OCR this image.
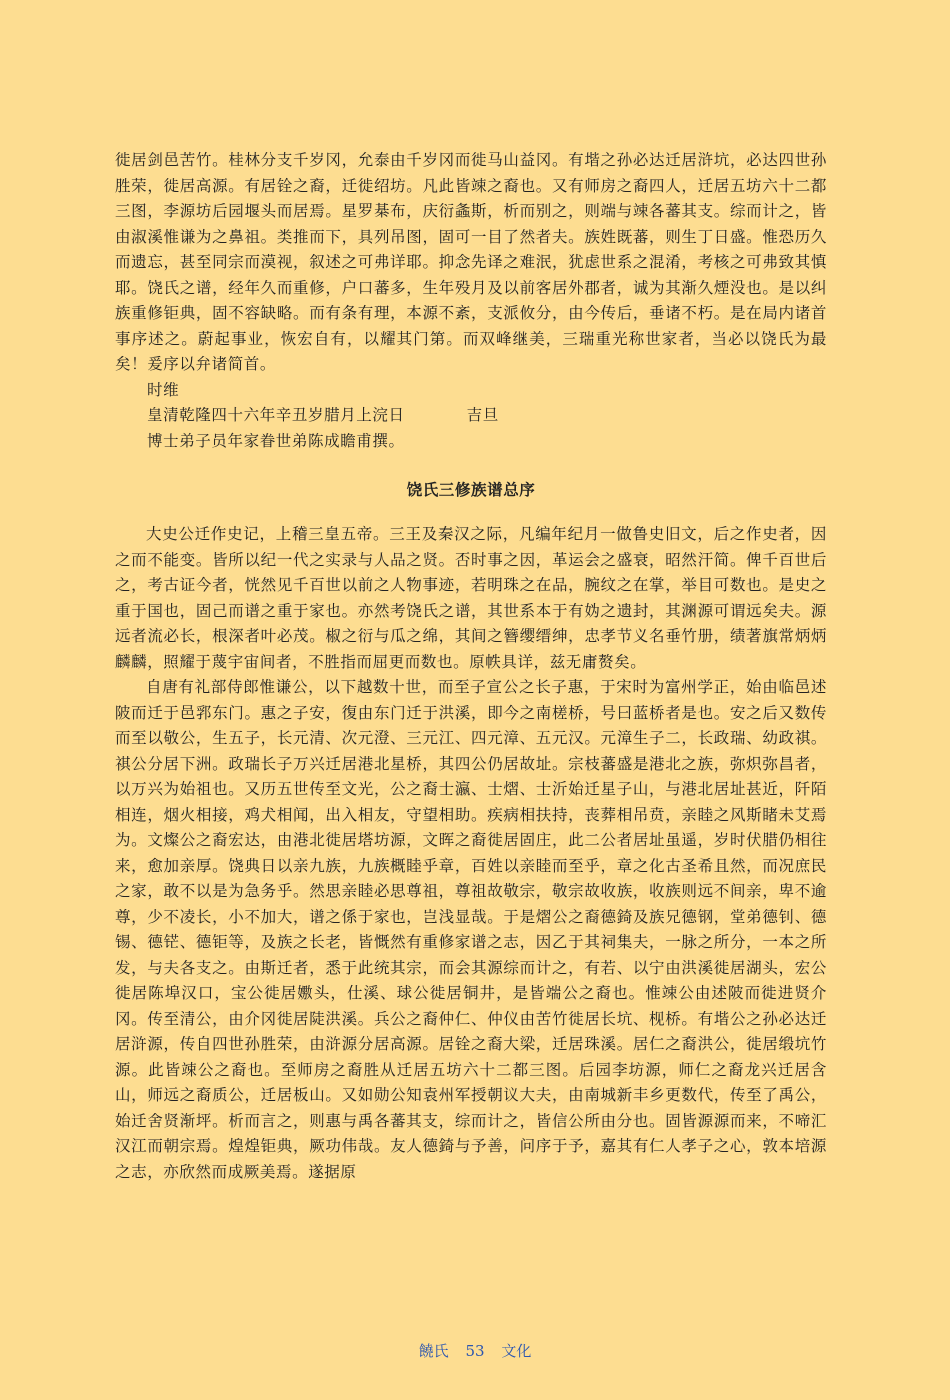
徙居剑邑苦竹。桂林分支千岁冈，允泰由千岁冈而徙马山益冈。有堦之孙必达迁居浒坑，必达四世孙胜荣，徙居高源。有居铨之裔，迁徙绍坊。凡此皆竦之裔也。又有师房之裔四人，迁居五坊六十二都三图，李源坊后园堰头而居焉。星罗棊布，庆衍螽斯，析而别之，则端与竦各蕃其支。综而计之，皆由淑溪惟谦为之鼻祖。类推而下，具列吊图，固可一目了然者夫。族姓既蕃，则生丁日盛。惟恐历久而遗忘，甚至同宗而漠视，叙述之可弗详耶。抑念先译之难泯，犹虑世系之混淆，考核之可弗致其慎耶。饶氏之谱，经年久而重修，户口蕃多，生年殁月及以前客居外郡者，诚为其渐久煙没也。是以纠族重修钜典，固不容缺略。而有条有理，本源不紊，支派攸分，由今传后，垂诸不朽。是在局内诸首事序述之。蔚起事业，恢宏自有，以耀其门第。而双峰继美，三瑞重光称世家者，当必以饶氏为最矣！爰序以弁诸简首。

时维
皇清乾隆四十六年辛丑岁腊月上浣日	吉旦
博士弟子员年家眷世弟陈成瞻甫撰。
饶氏三修族谱总序

大史公迁作史记，上稽三皇五帝。三王及秦汉之际，凡编年纪月一做鲁史旧文，后之作史者，因之而不能变。皆所以纪一代之实录与人品之贤。否时事之因，革运会之盛衰，昭然汗简。俾千百世后之，考古证今者，恍然见千百世以前之人物事迹，若明珠之在品，腕纹之在掌，举目可数也。是史之重于国也，固己而谱之重于家也。亦然考饶氏之谱，其世系本于有妫之遗封，其渊源可谓远矣夫。源远者流必长，根深者叶必茂。椒之衍与瓜之绵，其间之簪缨缙绅，忠孝节义名垂竹册，绩著旗常炳炳麟麟，照耀于蔑宇宙间者，不胜指而屈更而数也。原帙具详，兹无庸赘矣。

自唐有礼部侍郎惟谦公，以下越数十世，而至子宣公之长子惠，于宋时为富州学正，始由临邑述陂而迁于邑郛东门。惠之子安，復由东门迁于洪溪，即今之南槎桥，号曰蓝桥者是也。安之后又数传而至以敬公，生五子，长元清、次元澄、三元江、四元漳、五元汉。元漳生子二，长政瑞、幼政祺。祺公分居下洲。政瑞长子万兴迁居港北星桥，其四公仍居故址。宗枝蕃盛是港北之族，弥炽弥昌者，以万兴为始祖也。又历五世传至文光，公之裔士瀛、士熠、士沂始迁星子山，与港北居址甚近，阡陌相连，烟火相接，鸡犬相闻，出入相友，守望相助。疾病相扶持，丧葬相吊贲，亲睦之风斯睹未艾焉为。文燦公之裔宏达，由港北徙居塔坊源，文晖之裔徙居固庄，此二公者居址虽遥，岁时伏腊仍相往来，愈加亲厚。饶典日以亲九族，九族概睦乎章，百姓以亲睦而至乎，章之化古圣希且然，而况庶民之家，敢不以是为急务乎。然思亲睦必思尊祖，尊祖故敬宗，敬宗故收族，收族则远不间亲，卑不逾尊，少不凌长，小不加大，谱之係于家也，岂浅显哉。于是熠公之裔德錡及族兄德钢，堂弟德钊、德锡、德铓、德钜等，及族之长老，皆慨然有重修家谱之志，因乙于其祠集夫，一脉之所分，一本之所发，与夫各支之。由斯迁者，悉于此统其宗，而会其源综而计之，有若、以宁由洪溪徙居湖头，宏公徙居陈埠汉口，宝公徙居嫐头，仕溪、球公徙居铜井，是皆端公之裔也。惟竦公由述陂而徙进贤介冈。传至清公，由介冈徙居陡洪溪。兵公之裔仲仁、仲仪由苦竹徙居长坑、枧桥。有堦公之孙必达迁居浒源，传自四世孙胜荣，由浒源分居高源。居铨之裔大梁，迁居珠溪。居仁之裔洪公，徙居缎坑竹源。此皆竦公之裔也。至师房之裔胜从迁居五坊六十二都三图。后园李坊源，师仁之裔龙兴迁居含山，师远之裔质公，迁居板山。又如勋公知袁州军授朝议大夫，由南城新丰乡更数代，传至了禹公，始迁舍贤渐坪。析而言之，则惠与禹各蕃其支，综而计之，皆信公所由分也。固皆源源而来，不啼汇汉江而朝宗焉。煌煌钜典，厥功伟哉。友人德錡与予善，问序于予，嘉其有仁人孝子之心，敦本培源之志，亦欣然而成厥美焉。遂据原

饒氏 53 文化
